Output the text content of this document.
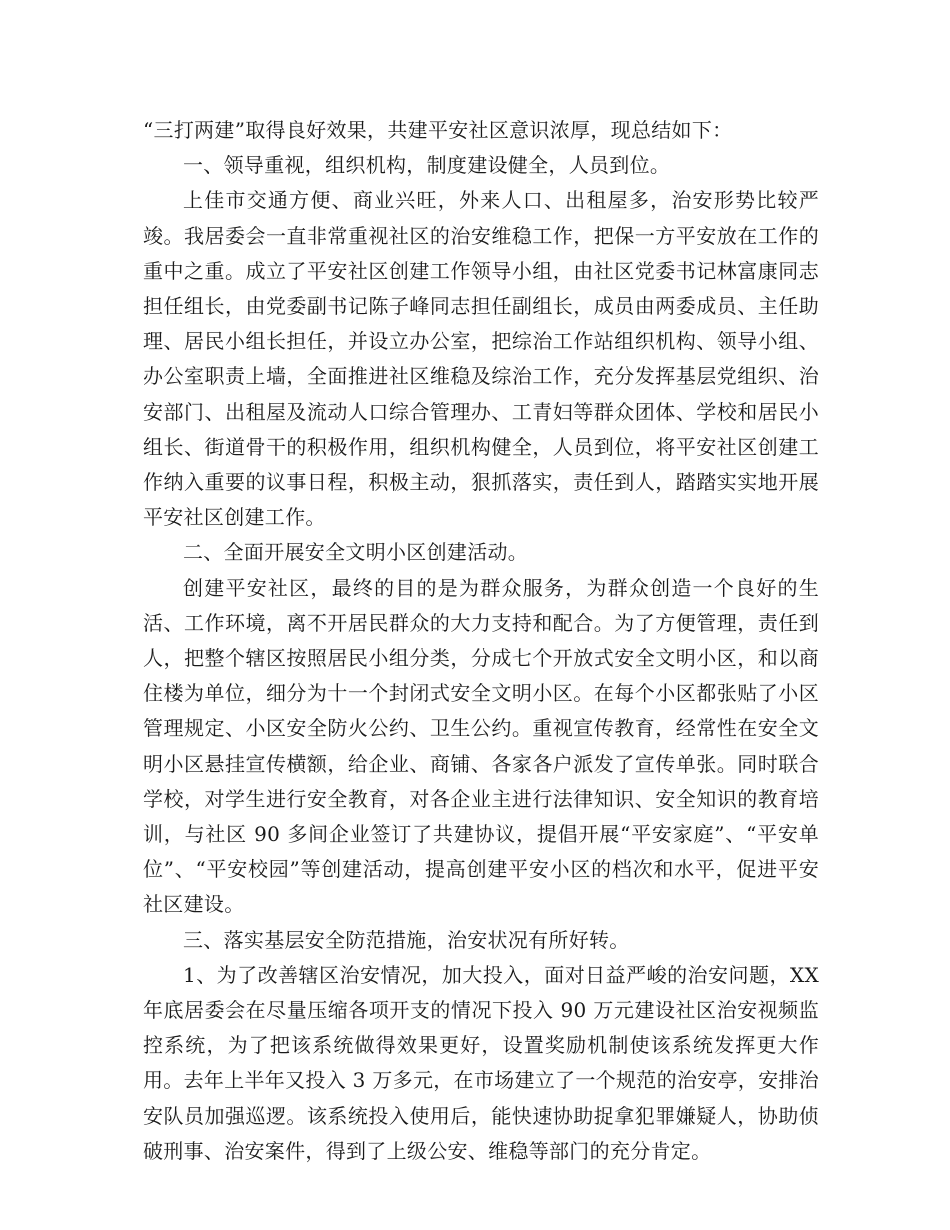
“三打两建”取得良好效果，共建平安社区意识浓厚，现总结如下：

一、领导重视，组织机构，制度建设健全，人员到位。

上佳市交通方便、商业兴旺，外来人口、出租屋多，治安形势比较严竣。我居委会一直非常重视社区的治安维稳工作，把保一方平安放在工作的重中之重。成立了平安社区创建工作领导小组，由社区党委书记林富康同志担任组长，由党委副书记陈子峰同志担任副组长，成员由两委成员、主任助理、居民小组长担任，并设立办公室，把综治工作站组织机构、领导小组、办公室职责上墙，全面推进社区维稳及综治工作，充分发挥基层党组织、治安部门、出租屋及流动人口综合管理办、工青妇等群众团体、学校和居民小组长、街道骨干的积极作用，组织机构健全，人员到位，将平安社区创建工作纳入重要的议事日程，积极主动，狠抓落实，责任到人，踏踏实实地开展平安社区创建工作。

二、全面开展安全文明小区创建活动。

创建平安社区，最终的目的是为群众服务，为群众创造一个良好的生活、工作环境，离不开居民群众的大力支持和配合。为了方便管理，责任到人，把整个辖区按照居民小组分类，分成七个开放式安全文明小区，和以商住楼为单位，细分为十一个封闭式安全文明小区。在每个小区都张贴了小区管理规定、小区安全防火公约、卫生公约。重视宣传教育，经常性在安全文明小区悬挂宣传横额，给企业、商铺、各家各户派发了宣传单张。同时联合学校，对学生进行安全教育，对各企业主进行法律知识、安全知识的教育培训，与社区 90 多间企业签订了共建协议，提倡开展“平安家庭”、“平安单位”、“平安校园”等创建活动，提高创建平安小区的档次和水平，促进平安社区建设。

三、落实基层安全防范措施，治安状况有所好转。

1、为了改善辖区治安情况，加大投入，面对日益严峻的治安问题，XX 年底居委会在尽量压缩各项开支的情况下投入 90 万元建设社区治安视频监控系统，为了把该系统做得效果更好，设置奖励机制使该系统发挥更大作用。去年上半年又投入 3 万多元，在市场建立了一个规范的治安亭，安排治安队员加强巡逻。该系统投入使用后，能快速协助捉拿犯罪嫌疑人，协助侦破刑事、治安案件，得到了上级公安、维稳等部门的充分肯定。
